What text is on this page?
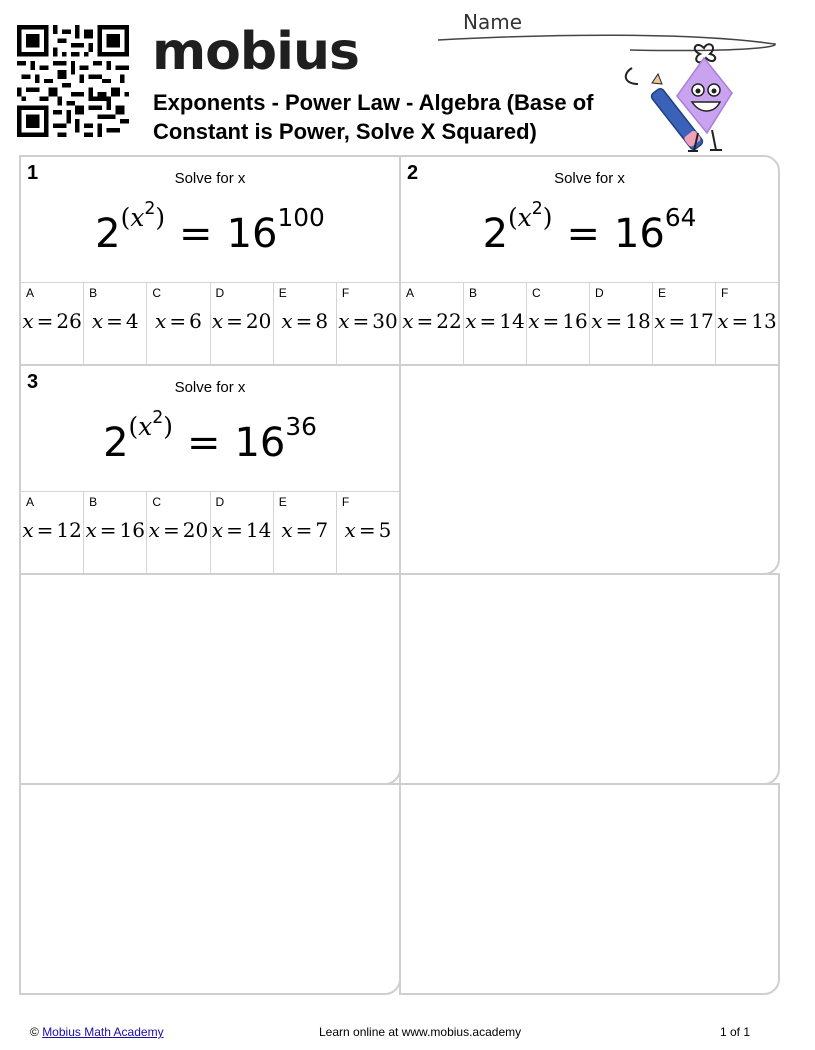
mobius
Exponents - Power Law - Algebra (Base of Constant is Power, Solve X Squared)
Name
1	Solve for x
$2^{(x^2)} = 16^{100}$
A
x = 26
B
x = 4
C
x = 6
D
x = 20
E
x = 8
F
x = 30
2	Solve for x
$2^{(x^2)} = 16^{64}$
A
x = 22
B
x = 14
C
x = 16
D
x = 18
E
x = 17
F
x = 13
3	Solve for x
$2^{(x^2)} = 16^{36}$
A
x = 12
B
x = 16
C
x = 20
D
x = 14
E
x = 7
F
x = 5
© Mobius Math Academy	Learn online at www.mobius.academy	1 of 1
